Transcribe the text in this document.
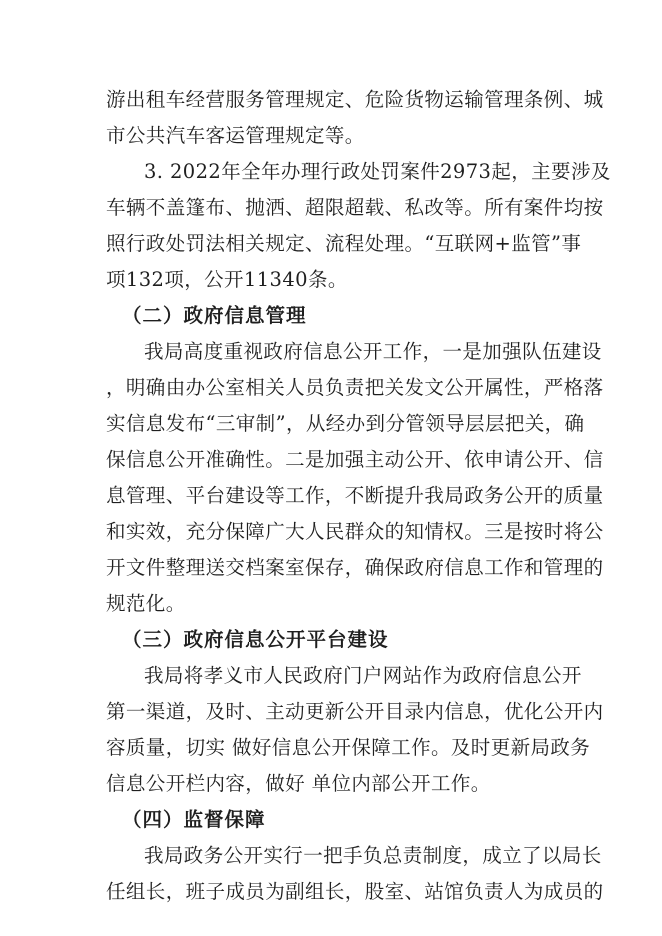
游出租车经营服务管理规定、危险货物运输管理条例、城
市公共汽车客运管理规定等。
3. 2022年全年办理行政处罚案件2973起，主要涉及
车辆不盖篷布、抛洒、超限超载、私改等。所有案件均按
照行政处罚法相关规定、流程处理。“互联网+监管”事
项132项，公开11340条。
（二）政府信息管理
我局高度重视政府信息公开工作，一是加强队伍建设
，明确由办公室相关人员负责把关发文公开属性，严格落
实信息发布“三审制”，从经办到分管领导层层把关，确
保信息公开准确性。二是加强主动公开、依申请公开、信
息管理、平台建设等工作，不断提升我局政务公开的质量
和实效，充分保障广大人民群众的知情权。三是按时将公
开文件整理送交档案室保存，确保政府信息工作和管理的
规范化。
（三）政府信息公开平台建设
我局将孝义市人民政府门户网站作为政府信息公开
第一渠道，及时、主动更新公开目录内信息，优化公开内
容质量，切实 做好信息公开保障工作。及时更新局政务
信息公开栏内容，做好 单位内部公开工作。
（四）监督保障
我局政务公开实行一把手负总责制度，成立了以局长
任组长，班子成员为副组长，股室、站馆负责人为成员的
